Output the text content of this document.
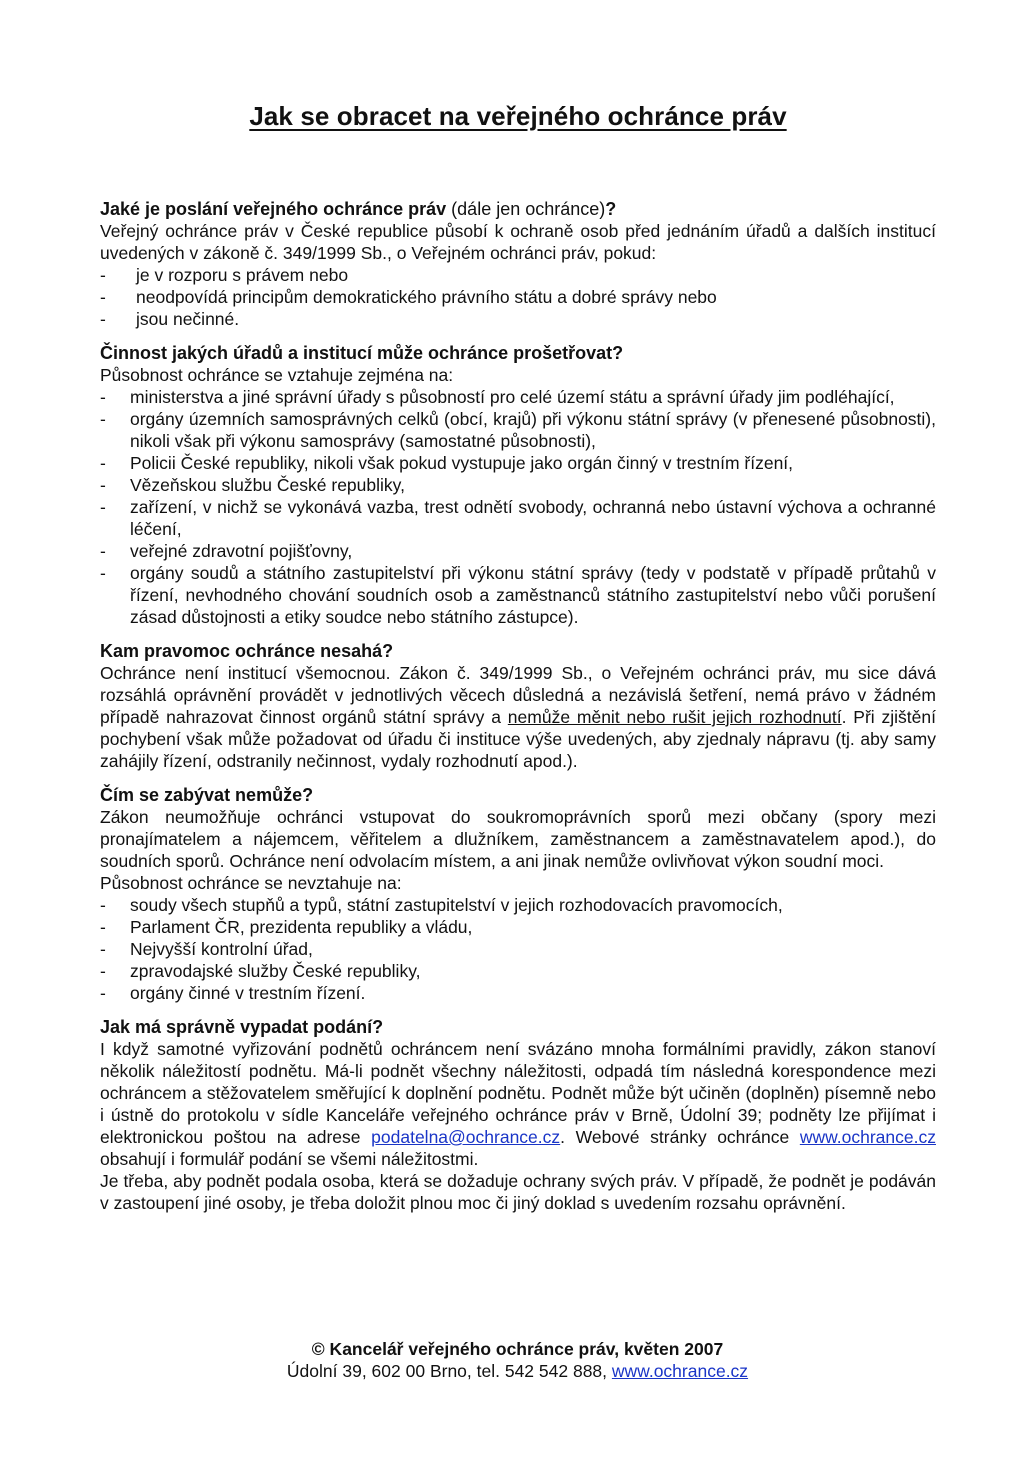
Jak se obracet na veřejného ochránce práv
Jaké je poslání veřejného ochránce práv (dále jen ochránce)?

Veřejný ochránce práv v České republice působí k ochraně osob před jednáním úřadů a dalších institucí uvedených v zákoně č. 349/1999 Sb., o Veřejném ochránci práv, pokud:

- je v rozporu s právem nebo
- neodpovídá principům demokratického právního státu a dobré správy nebo
- jsou nečinné.
Činnost jakých úřadů a institucí může ochránce prošetřovat?

Působnost ochránce se vztahuje zejména na:

- ministerstva a jiné správní úřady s působností pro celé území státu a správní úřady jim podléhající,
- orgány územních samosprávných celků (obcí, krajů) při výkonu státní správy (v přenesené působnosti), nikoli však při výkonu samosprávy (samostatné působnosti),
- Policii České republiky, nikoli však pokud vystupuje jako orgán činný v trestním řízení,
- Vězeňskou službu České republiky,
- zařízení, v nichž se vykonává vazba, trest odnětí svobody, ochranná nebo ústavní výchova a ochranné léčení,
- veřejné zdravotní pojišťovny,
- orgány soudů a státního zastupitelství při výkonu státní správy (tedy v podstatě v případě průtahů v řízení, nevhodného chování soudních osob a zaměstnanců státního zastupitelství nebo vůči porušení zásad důstojnosti a etiky soudce nebo státního zástupce).
Kam pravomoc ochránce nesahá?

Ochránce není institucí všemocnou. Zákon č. 349/1999 Sb., o Veřejném ochránci práv, mu sice dává rozsáhlá oprávnění provádět v jednotlivých věcech důsledná a nezávislá šetření, nemá právo v žádném případě nahrazovat činnost orgánů státní správy a nemůže měnit nebo rušit jejich rozhodnutí. Při zjištění pochybení však může požadovat od úřadu či instituce výše uvedených, aby zjednaly nápravu (tj. aby samy zahájily řízení, odstranily nečinnost, vydaly rozhodnutí apod.).

Čím se zabývat nemůže?

Zákon neumožňuje ochránci vstupovat do soukromoprávních sporů mezi občany (spory mezi pronajímatelem a nájemcem, věřitelem a dlužníkem, zaměstnancem a zaměstnavatelem apod.), do soudních sporů. Ochránce není odvolacím místem, a ani jinak nemůže ovlivňovat výkon soudní moci.

Působnost ochránce se nevztahuje na:

- soudy všech stupňů a typů, státní zastupitelství v jejich rozhodovacích pravomocích,
- Parlament ČR, prezidenta republiky a vládu,
- Nejvyšší kontrolní úřad,
- zpravodajské služby České republiky,
- orgány činné v trestním řízení.
Jak má správně vypadat podání?

I když samotné vyřizování podnětů ochráncem není svázáno mnoha formálními pravidly, zákon stanoví několik náležitostí podnětu. Má-li podnět všechny náležitosti, odpadá tím následná korespondence mezi ochráncem a stěžovatelem směřující k doplnění podnětu. Podnět může být učiněn (doplněn) písemně nebo i ústně do protokolu v sídle Kanceláře veřejného ochránce práv v Brně, Údolní 39; podněty lze přijímat i elektronickou poštou na adrese podatelna@ochrance.cz. Webové stránky ochránce www.ochrance.cz obsahují i formulář podání se všemi náležitostmi.

Je třeba, aby podnět podala osoba, která se dožaduje ochrany svých práv. V případě, že podnět je podáván v zastoupení jiné osoby, je třeba doložit plnou moc či jiný doklad s uvedením rozsahu oprávnění.

© Kancelář veřejného ochránce práv, květen 2007
Údolní 39, 602 00 Brno, tel. 542 542 888, www.ochrance.cz
